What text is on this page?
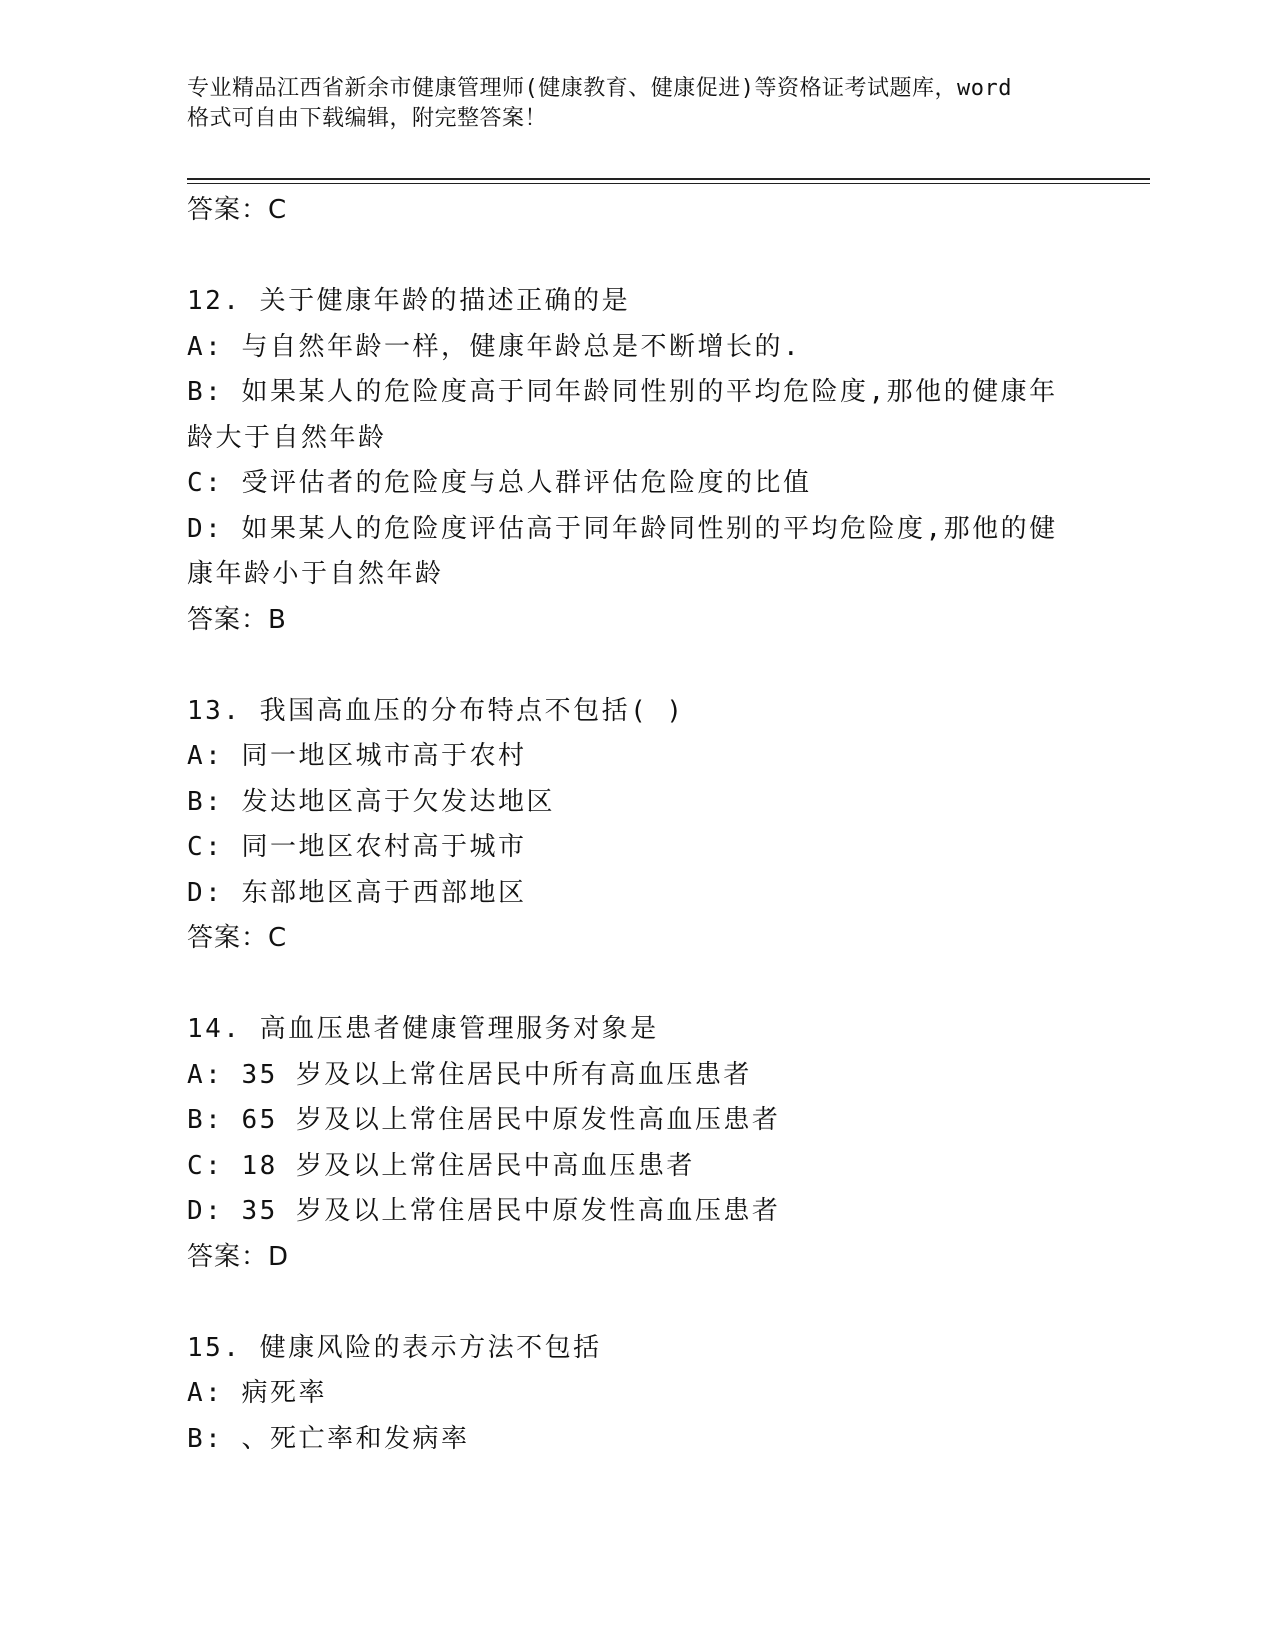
专业精品江西省新余市健康管理师(健康教育、健康促进)等资格证考试题库，word
格式可自由下载编辑，附完整答案！
答案：C
12. 关于健康年龄的描述正确的是
A: 与自然年龄一样，健康年龄总是不断增长的.
B: 如果某人的危险度高于同年龄同性别的平均危险度,那他的健康年
龄大于自然年龄
C: 受评估者的危险度与总人群评估危险度的比值
D: 如果某人的危险度评估高于同年龄同性别的平均危险度,那他的健
康年龄小于自然年龄
答案：B
13. 我国高血压的分布特点不包括( )
A: 同一地区城市高于农村
B: 发达地区高于欠发达地区
C: 同一地区农村高于城市
D: 东部地区高于西部地区
答案：C
14. 高血压患者健康管理服务对象是
A: 35 岁及以上常住居民中所有高血压患者
B: 65 岁及以上常住居民中原发性高血压患者
C: 18 岁及以上常住居民中高血压患者
D: 35 岁及以上常住居民中原发性高血压患者
答案：D
15. 健康风险的表示方法不包括
A: 病死率
B: 、死亡率和发病率
